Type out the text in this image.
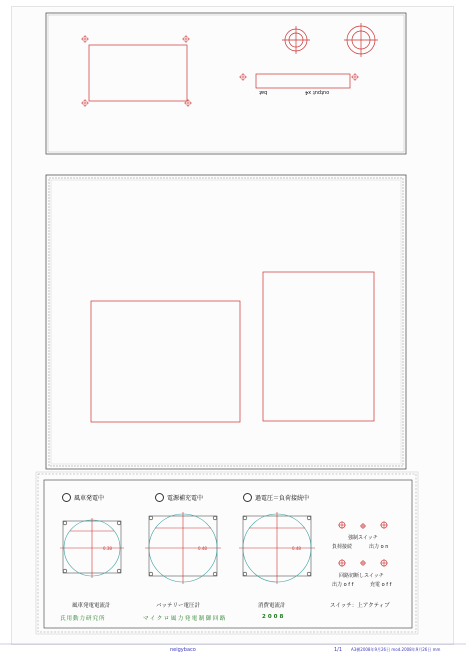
output x4
bat
風車発電中	電源補充電中	過電圧＝負荷接続中
0.38	0.48	0.48
風車発電電流計	バッテリー電圧計	消費電流計
強制スイッチ
負荷接続	出力 o n
回路切断しスイッチ
出力 o f f	充電 o f f
スイッチ：上アクティブ
氏用動力研究所	マイクロ風力発電制御回路	2008
neigybaco	1/1 A3横2008年9月26日 mod.2008年9月26日 mm
